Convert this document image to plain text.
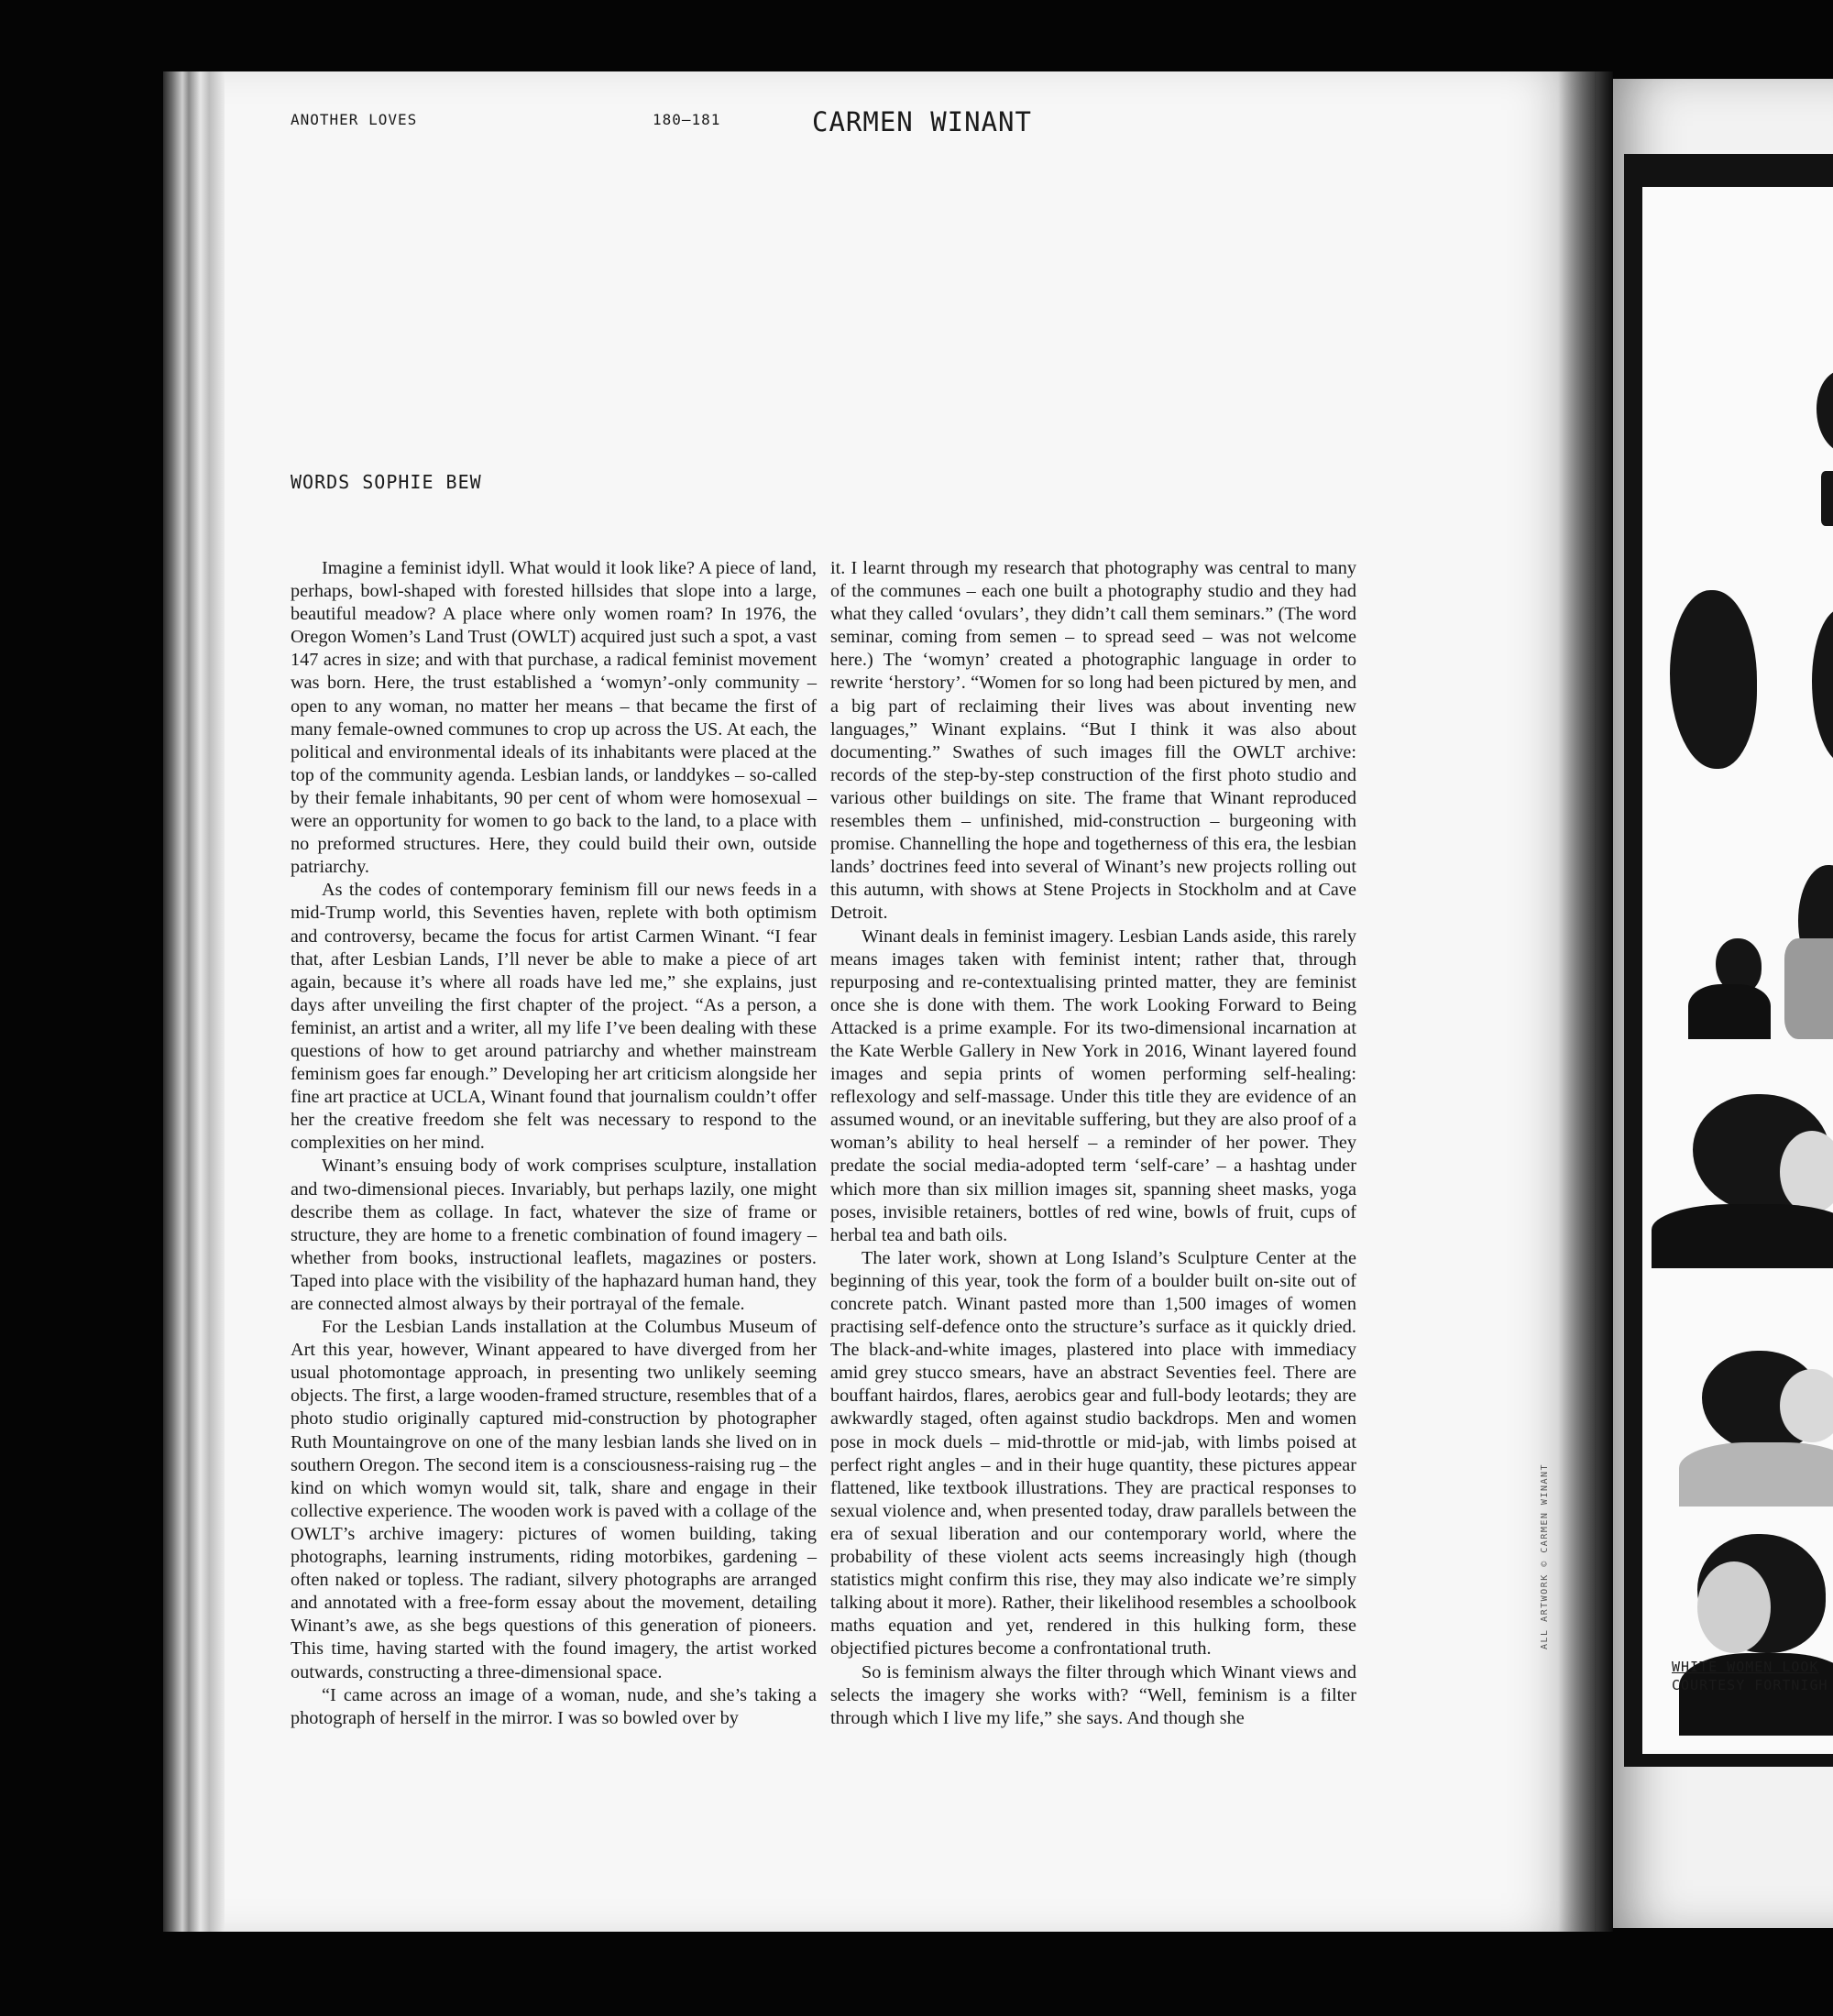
ANOTHER LOVES	180—181	CARMEN WINANT
WORDS SOPHIE BEW

Imagine a feminist idyll. What would it look like? A piece of land, perhaps, bowl-shaped with forested hillsides that slope into a large, beautiful meadow? A place where only women roam? In 1976, the Oregon Women’s Land Trust (OWLT) acquired just such a spot, a vast 147 acres in size; and with that purchase, a radical feminist movement was born. Here, the trust established a ‘womyn’-only community – open to any woman, no matter her means – that became the first of many female-owned communes to crop up across the US. At each, the political and environmental ideals of its inhabitants were placed at the top of the community agenda. Lesbian lands, or landdykes – so-called by their female inhabitants, 90 per cent of whom were homosexual – were an opportunity for women to go back to the land, to a place with no preformed structures. Here, they could build their own, outside patriarchy.

As the codes of contemporary feminism fill our news feeds in a mid-Trump world, this Seventies haven, replete with both optimism and controversy, became the focus for artist Carmen Winant. “I fear that, after Lesbian Lands, I’ll never be able to make a piece of art again, because it’s where all roads have led me,” she explains, just days after unveiling the first chapter of the project. “As a person, a feminist, an artist and a writer, all my life I’ve been dealing with these questions of how to get around patriarchy and whether mainstream feminism goes far enough.” Developing her art criticism alongside her fine art practice at UCLA, Winant found that journalism couldn’t offer her the creative freedom she felt was necessary to respond to the complexities on her mind.

Winant’s ensuing body of work comprises sculpture, installation and two-dimensional pieces. Invariably, but perhaps lazily, one might describe them as collage. In fact, whatever the size of frame or structure, they are home to a frenetic combination of found imagery – whether from books, instructional leaflets, magazines or posters. Taped into place with the visibility of the haphazard human hand, they are connected almost always by their portrayal of the female.

For the Lesbian Lands installation at the Columbus Museum of Art this year, however, Winant appeared to have diverged from her usual photomontage approach, in presenting two unlikely seeming objects. The first, a large wooden-framed structure, resembles that of a photo studio originally captured mid-construction by photographer Ruth Mountaingrove on one of the many lesbian lands she lived on in southern Oregon. The second item is a consciousness-raising rug – the kind on which womyn would sit, talk, share and engage in their collective experience. The wooden work is paved with a collage of the OWLT’s archive imagery: pictures of women building, taking photographs, learning instruments, riding motorbikes, gardening – often naked or topless. The radiant, silvery photographs are arranged and annotated with a free-form essay about the movement, detailing Winant’s awe, as she begs questions of this generation of pioneers. This time, having started with the found imagery, the artist worked outwards, constructing a three-dimensional space.

“I came across an image of a woman, nude, and she’s taking a photograph of herself in the mirror. I was so bowled over by

it. I learnt through my research that photography was central to many of the communes – each one built a photography studio and they had what they called ‘ovulars’, they didn’t call them seminars.” (The word seminar, coming from semen – to spread seed – was not welcome here.) The ‘womyn’ created a photographic language in order to rewrite ‘herstory’. “Women for so long had been pictured by men, and a big part of reclaiming their lives was about inventing new languages,” Winant explains. “But I think it was also about documenting.” Swathes of such images fill the OWLT archive: records of the step-by-step construction of the first photo studio and various other buildings on site. The frame that Winant reproduced resembles them – unfinished, mid-construction – burgeoning with promise. Channelling the hope and togetherness of this era, the lesbian lands’ doctrines feed into several of Winant’s new projects rolling out this autumn, with shows at Stene Projects in Stockholm and at Cave Detroit.

Winant deals in feminist imagery. Lesbian Lands aside, this rarely means images taken with feminist intent; rather that, through repurposing and re-contextualising printed matter, they are feminist once she is done with them. The work Looking Forward to Being Attacked is a prime example. For its two-dimensional incarnation at the Kate Werble Gallery in New York in 2016, Winant layered found images and sepia prints of women performing self-healing: reflexology and self-massage. Under this title they are evidence of an assumed wound, or an inevitable suffering, but they are also proof of a woman’s ability to heal herself – a reminder of her power. They predate the social media-adopted term ‘self-care’ – a hashtag under which more than six million images sit, spanning sheet masks, yoga poses, invisible retainers, bottles of red wine, bowls of fruit, cups of herbal tea and bath oils.

The later work, shown at Long Island’s Sculpture Center at the beginning of this year, took the form of a boulder built on-site out of concrete patch. Winant pasted more than 1,500 images of women practising self-defence onto the structure’s surface as it quickly dried. The black-and-white images, plastered into place with immediacy amid grey stucco smears, have an abstract Seventies feel. There are bouffant hairdos, flares, aerobics gear and full-body leotards; they are awkwardly staged, often against studio backdrops. Men and women pose in mock duels – mid-throttle or mid-jab, with limbs poised at perfect right angles – and in their huge quantity, these pictures appear flattened, like textbook illustrations. They are practical responses to sexual violence and, when presented today, draw parallels between the era of sexual liberation and our contemporary world, where the probability of these violent acts seems increasingly high (though statistics might confirm this rise, they may also indicate we’re simply talking about it more). Rather, their likelihood resembles a schoolbook maths equation and yet, rendered in this hulking form, these objectified pictures become a confrontational truth.

So is feminism always the filter through which Winant views and selects the imagery she works with? “Well, feminism is a filter through which I live my life,” she says. And though she

WHITE WOMEN LOOK
COURTESY FORTNIGH
ALL ARTWORK © CARMEN WINANT
